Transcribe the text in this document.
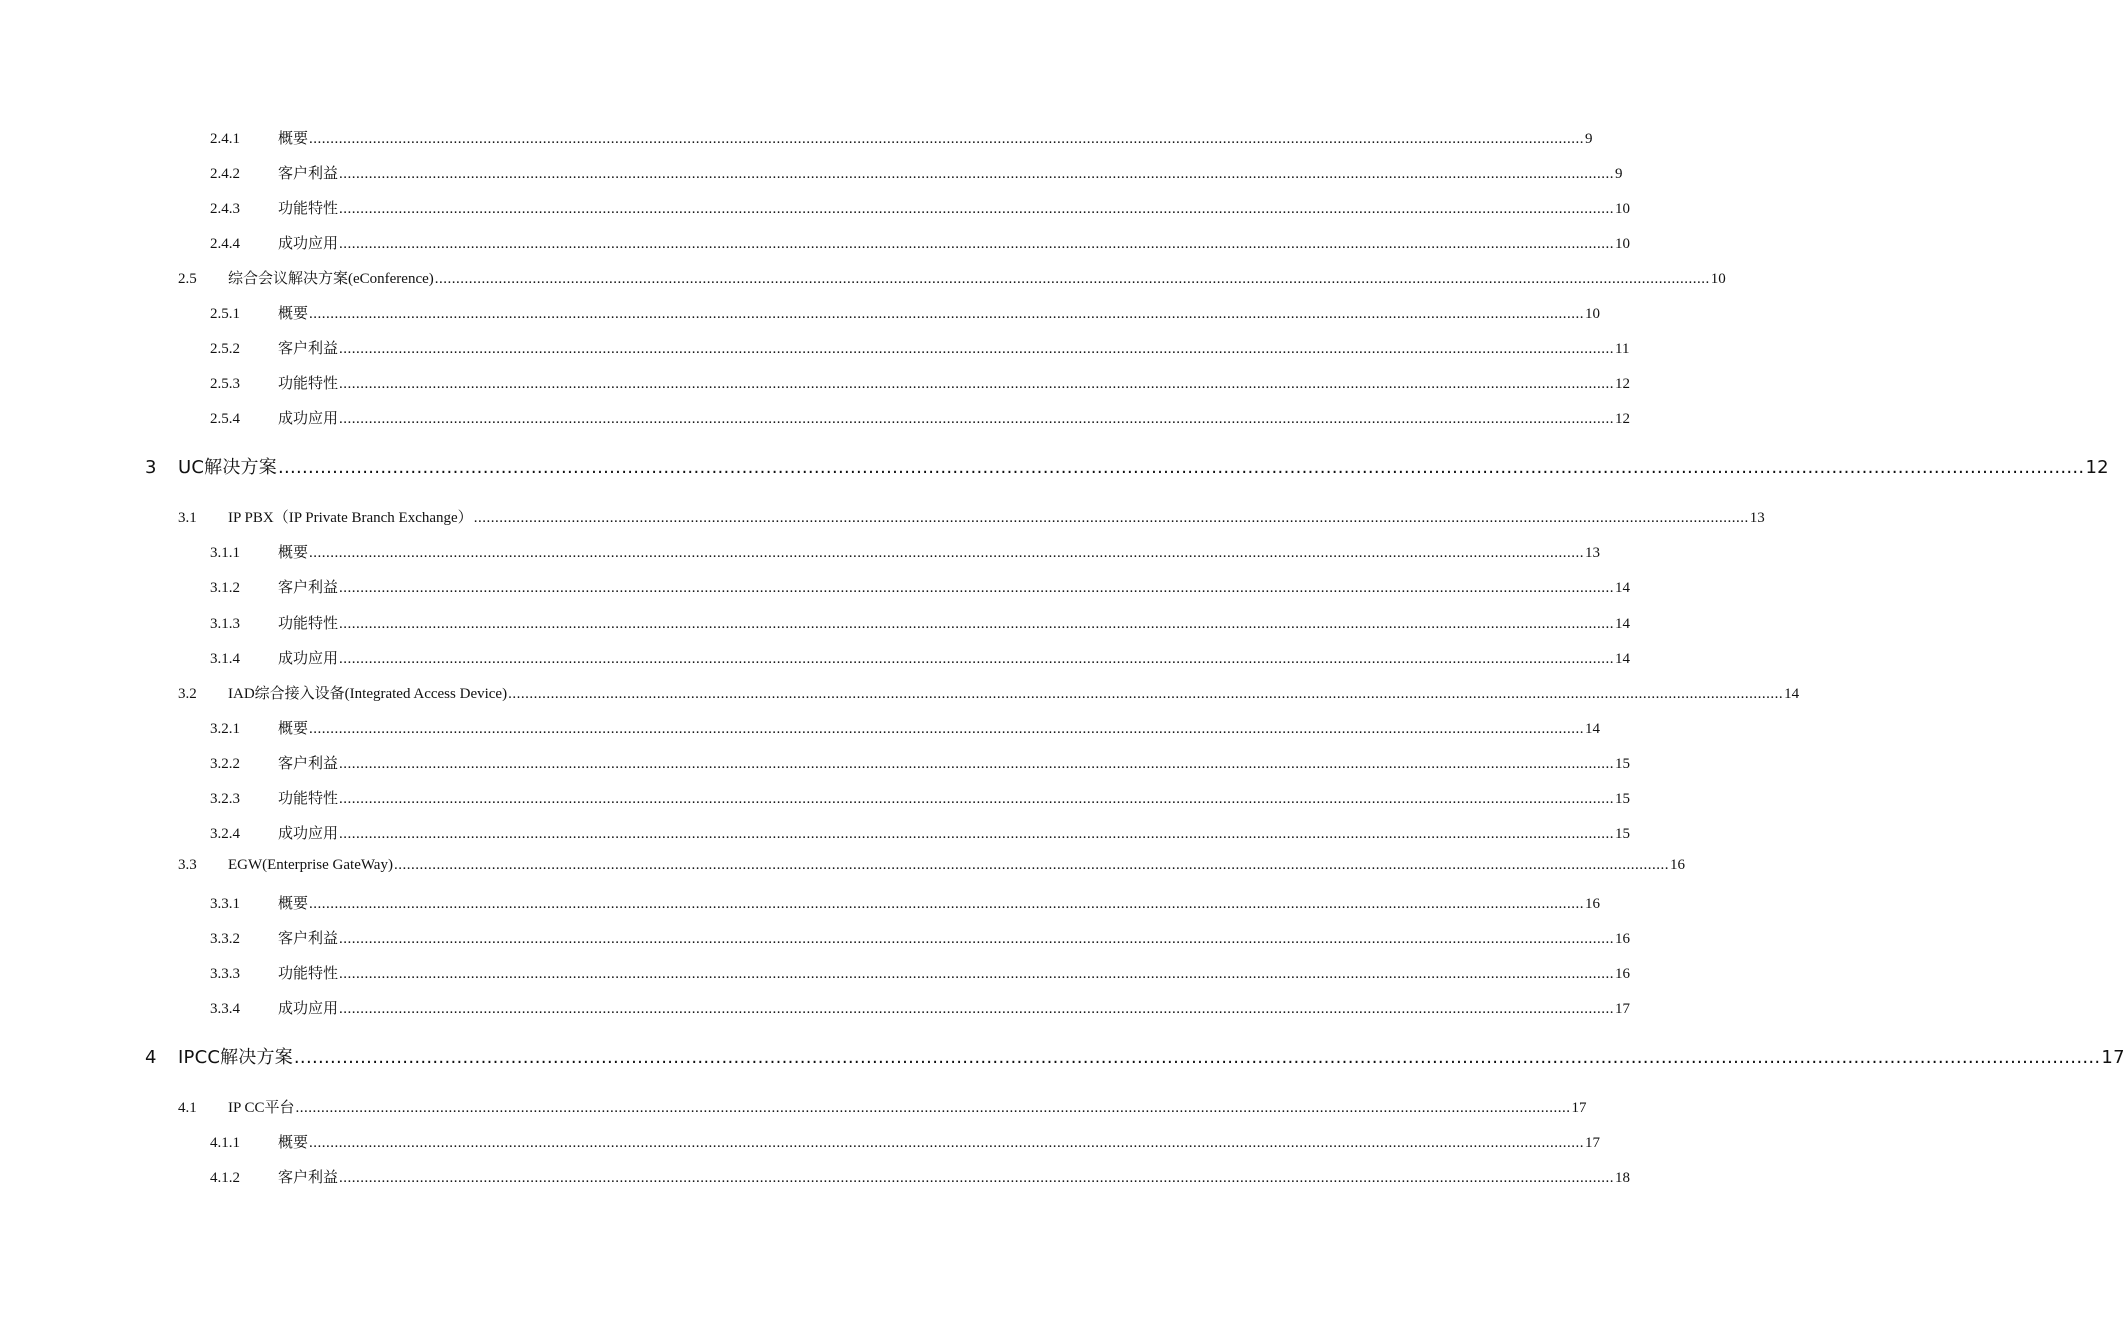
2.4.1	概要 ............................................................................................................................................................................................................................................................................................................ 9
2.4.2	客户利益 ............................................................................................................................................................................................................................................................................................................ 9
2.4.3	功能特性 ............................................................................................................................................................................................................................................................................................................ 10
2.4.4	成功应用 ............................................................................................................................................................................................................................................................................................................ 10
2.5	综合会议解决方案(eConference) ............................................................................................................................................................................................................................................................................................................ 10
2.5.1	概要 ............................................................................................................................................................................................................................................................................................................ 10
2.5.2	客户利益 ............................................................................................................................................................................................................................................................................................................ 11
2.5.3	功能特性 ............................................................................................................................................................................................................................................................................................................ 12
2.5.4	成功应用 ............................................................................................................................................................................................................................................................................................................ 12
3	UC解决方案 ............................................................................................................................................................................................................................................................................................................ 12
3.1	IP PBX（IP Private Branch Exchange） ............................................................................................................................................................................................................................................................................................................ 13
3.1.1	概要 ............................................................................................................................................................................................................................................................................................................ 13
3.1.2	客户利益 ............................................................................................................................................................................................................................................................................................................ 14
3.1.3	功能特性 ............................................................................................................................................................................................................................................................................................................ 14
3.1.4	成功应用 ............................................................................................................................................................................................................................................................................................................ 14
3.2	IAD综合接入设备(Integrated Access Device) ............................................................................................................................................................................................................................................................................................................ 14
3.2.1	概要 ............................................................................................................................................................................................................................................................................................................ 14
3.2.2	客户利益 ............................................................................................................................................................................................................................................................................................................ 15
3.2.3	功能特性 ............................................................................................................................................................................................................................................................................................................ 15
3.2.4	成功应用 ............................................................................................................................................................................................................................................................................................................ 15
3.3	EGW(Enterprise GateWay) ............................................................................................................................................................................................................................................................................................................ 16
3.3.1	概要 ............................................................................................................................................................................................................................................................................................................ 16
3.3.2	客户利益 ............................................................................................................................................................................................................................................................................................................ 16
3.3.3	功能特性 ............................................................................................................................................................................................................................................................................................................ 16
3.3.4	成功应用 ............................................................................................................................................................................................................................................................................................................ 17
4	IPCC解决方案 ............................................................................................................................................................................................................................................................................................................ 17
4.1	IP CC平台 ............................................................................................................................................................................................................................................................................................................ 17
4.1.1	概要 ............................................................................................................................................................................................................................................................................................................ 17
4.1.2	客户利益 ............................................................................................................................................................................................................................................................................................................ 18
